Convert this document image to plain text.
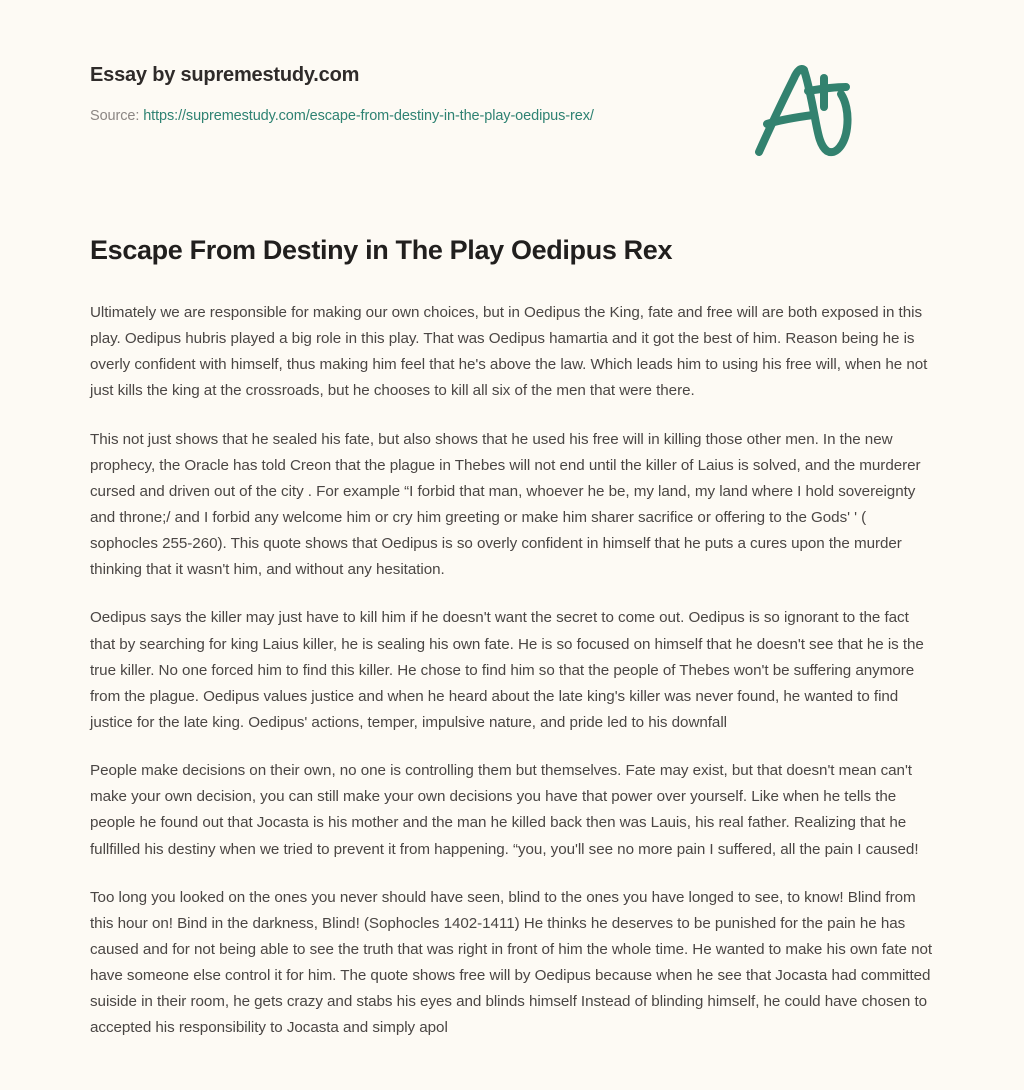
Essay by supremestudy.com
Source: https://supremestudy.com/escape-from-destiny-in-the-play-oedipus-rex/
Escape From Destiny in The Play Oedipus Rex

Ultimately we are responsible for making our own choices, but in Oedipus the King, fate and free will are both exposed in this play. Oedipus hubris played a big role in this play. That was Oedipus hamartia and it got the best of him. Reason being he is overly confident with himself, thus making him feel that he's above the law. Which leads him to using his free will, when he not just kills the king at the crossroads, but he chooses to kill all six of the men that were there.

This not just shows that he sealed his fate, but also shows that he used his free will in killing those other men. In the new prophecy, the Oracle has told Creon that the plague in Thebes will not end until the killer of Laius is solved, and the murderer cursed and driven out of the city . For example “I forbid that man, whoever he be, my land, my land where I hold sovereignty and throne;/ and I forbid any welcome him or cry him greeting or make him sharer sacrifice or offering to the Gods' ' ( sophocles 255-260). This quote shows that Oedipus is so overly confident in himself that he puts a cures upon the murder thinking that it wasn't him, and without any hesitation.

Oedipus says the killer may just have to kill him if he doesn't want the secret to come out. Oedipus is so ignorant to the fact that by searching for king Laius killer, he is sealing his own fate. He is so focused on himself that he doesn't see that he is the true killer. No one forced him to find this killer. He chose to find him so that the people of Thebes won't be suffering anymore from the plague. Oedipus values justice and when he heard about the late king's killer was never found, he wanted to find justice for the late king. Oedipus' actions, temper, impulsive nature, and pride led to his downfall

People make decisions on their own, no one is controlling them but themselves. Fate may exist, but that doesn't mean can't make your own decision, you can still make your own decisions you have that power over yourself. Like when he tells the people he found out that Jocasta is his mother and the man he killed back then was Lauis, his real father. Realizing that he fullfilled his destiny when we tried to prevent it from happening. “you, you'll see no more pain I suffered, all the pain I caused!

Too long you looked on the ones you never should have seen, blind to the ones you have longed to see, to know! Blind from this hour on! Bind in the darkness, Blind! (Sophocles 1402-1411) He thinks he deserves to be punished for the pain he has caused and for not being able to see the truth that was right in front of him the whole time. He wanted to make his own fate not have someone else control it for him. The quote shows free will by Oedipus because when he see that Jocasta had committed suiside in their room, he gets crazy and stabs his eyes and blinds himself Instead of blinding himself, he could have chosen to accepted his responsibility to Jocasta and simply apol
